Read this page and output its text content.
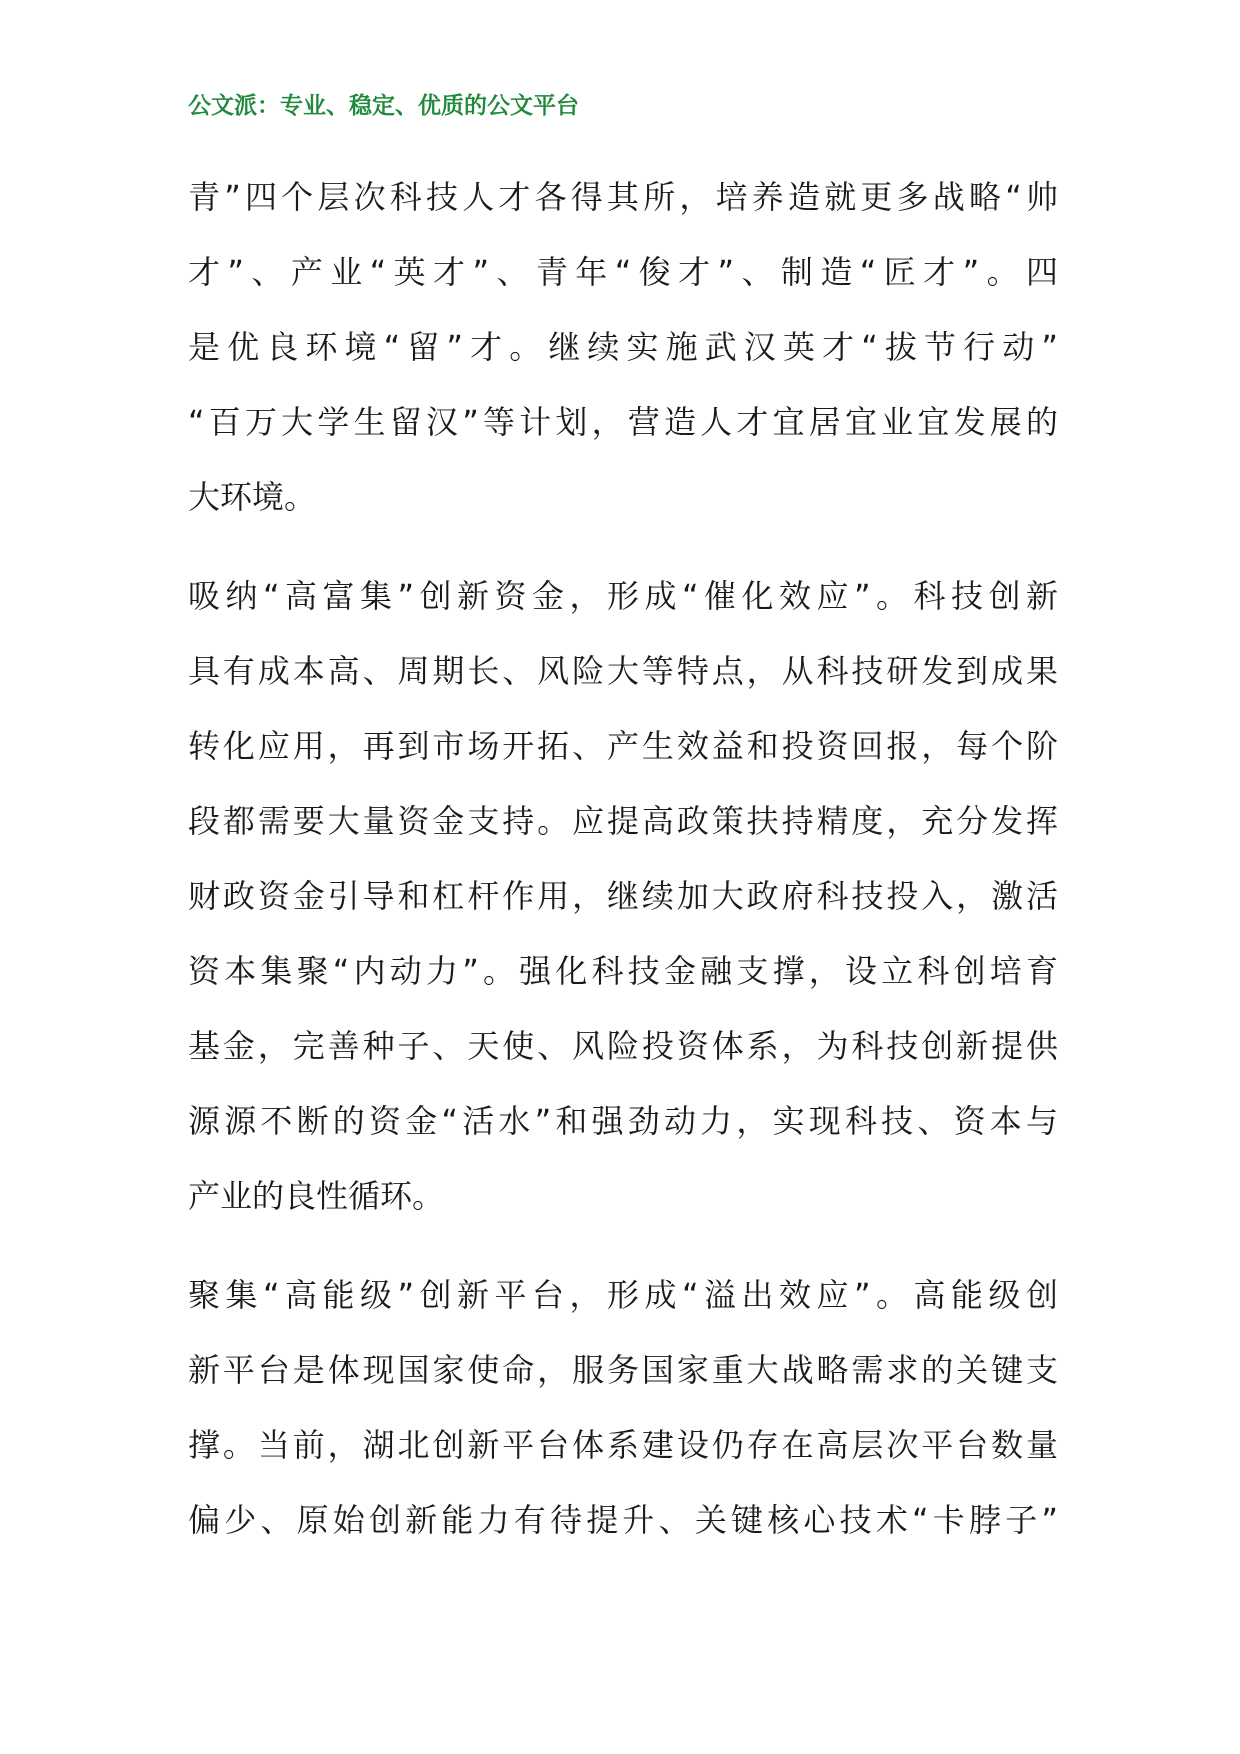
公文派：专业、稳定、优质的公文平台
青”四个层次科技人才各得其所，培养造就更多战略“帅
才”、产业“英才”、青年“俊才”、制造“匠才”。四
是优良环境“留”才。继续实施武汉英才“拔节行动”
“百万大学生留汉”等计划，营造人才宜居宜业宜发展的
大环境。
吸纳“高富集”创新资金，形成“催化效应”。科技创新
具有成本高、周期长、风险大等特点，从科技研发到成果
转化应用，再到市场开拓、产生效益和投资回报，每个阶
段都需要大量资金支持。应提高政策扶持精度，充分发挥
财政资金引导和杠杆作用，继续加大政府科技投入，激活
资本集聚“内动力”。强化科技金融支撑，设立科创培育
基金，完善种子、天使、风险投资体系，为科技创新提供
源源不断的资金“活水”和强劲动力，实现科技、资本与
产业的良性循环。
聚集“高能级”创新平台，形成“溢出效应”。高能级创
新平台是体现国家使命，服务国家重大战略需求的关键支
撑。当前，湖北创新平台体系建设仍存在高层次平台数量
偏少、原始创新能力有待提升、关键核心技术“卡脖子”
